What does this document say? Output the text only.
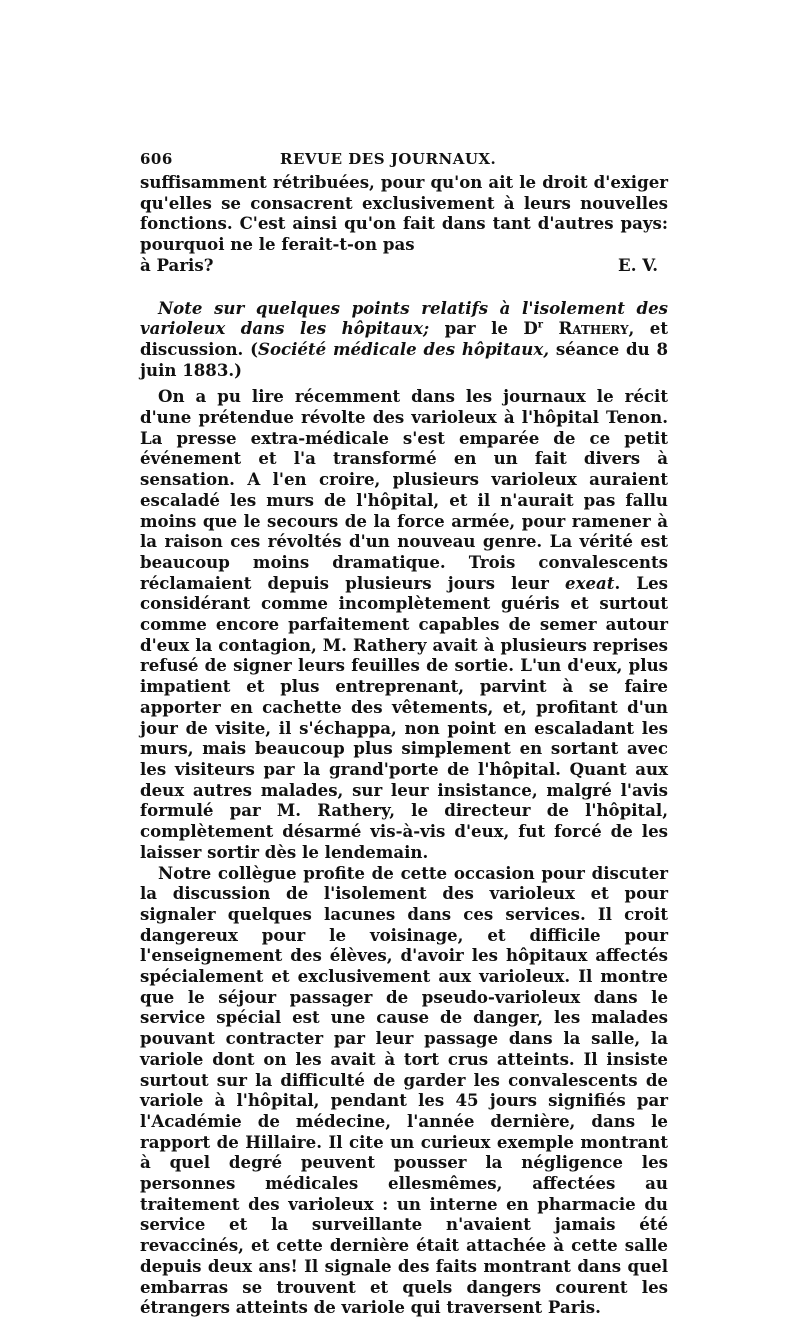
606	REVUE DES JOURNAUX.

suffisamment rétribuées, pour qu'on ait le droit d'exiger qu'elles se consacrent exclusivement à leurs nouvelles fonctions. C'est ainsi qu'on fait dans tant d'autres pays: pourquoi ne le ferait-t-on pas

à Paris?	E. V.

Note sur quelques points relatifs à l'isolement des varioleux dans les hôpitaux; par le $D^r$ Rathery, et discussion. (Société médicale des hôpitaux, séance du 8 juin 1883.)

On a pu lire récemment dans les journaux le récit d'une prétendue révolte des varioleux à l'hôpital Tenon. La presse extra-médicale s'est emparée de ce petit événement et l'a transformé en un fait divers à sensation. A l'en croire, plusieurs varioleux auraient escaladé les murs de l'hôpital, et il n'aurait pas fallu moins que le secours de la force armée, pour ramener à la raison ces révoltés d'un nouveau genre. La vérité est beaucoup moins dramatique. Trois convalescents réclamaient depuis plusieurs jours leur exeat. Les considérant comme incomplètement guéris et surtout comme encore parfaitement capables de semer autour d'eux la contagion, M. Rathery avait à plusieurs reprises refusé de signer leurs feuilles de sortie. L'un d'eux, plus impatient et plus entreprenant, parvint à se faire apporter en cachette des vêtements, et, profitant d'un jour de visite, il s'échappa, non point en escaladant les murs, mais beaucoup plus simplement en sortant avec les visiteurs par la grand'porte de l'hôpital. Quant aux deux autres malades, sur leur insistance, malgré l'avis formulé par M. Rathery, le directeur de l'hôpital, complètement désarmé vis-à-vis d'eux, fut forcé de les laisser sortir dès le lendemain.

Notre collègue profite de cette occasion pour discuter la discussion de l'isolement des varioleux et pour signaler quelques lacunes dans ces services. Il croit dangereux pour le voisinage, et difficile pour l'enseignement des élèves, d'avoir les hôpitaux affectés spécialement et exclusivement aux varioleux. Il montre que le séjour passager de pseudo-varioleux dans le service spécial est une cause de danger, les malades pouvant contracter par leur passage dans la salle, la variole dont on les avait à tort crus atteints. Il insiste surtout sur la difficulté de garder les convalescents de variole à l'hôpital, pendant les 45 jours signifiés par l'Académie de médecine, l'année dernière, dans le rapport de Hillaire. Il cite un curieux exemple montrant à quel degré peuvent pousser la négligence les personnes médicales ellesmêmes, affectées au traitement des varioleux : un interne en pharmacie du service et la surveillante n'avaient jamais été revaccinés, et cette dernière était attachée à cette salle depuis deux ans! Il signale des faits montrant dans quel embarras se trouvent et quels dangers courent les étrangers atteints de variole qui traversent Paris.
